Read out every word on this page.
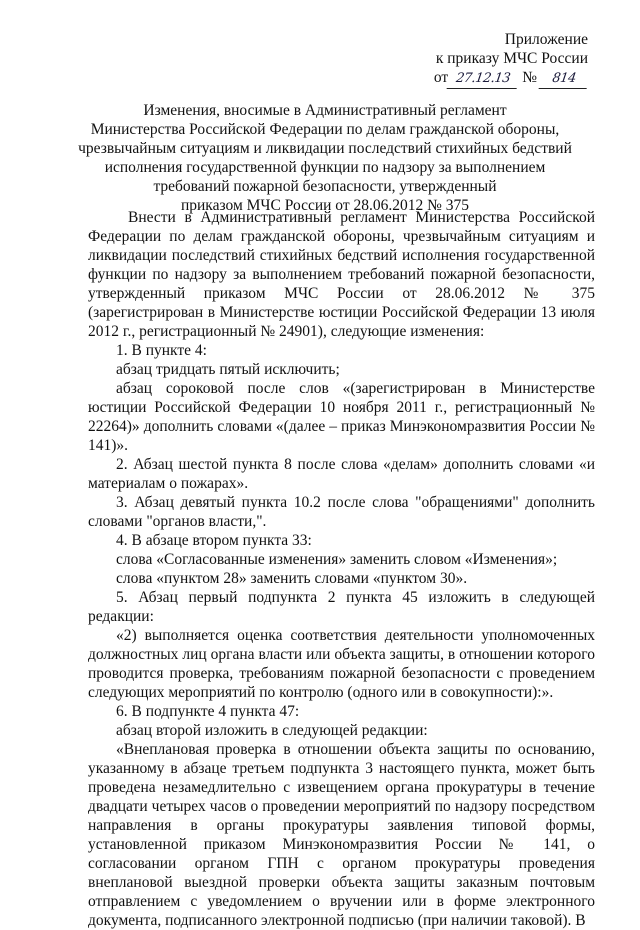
Приложение
к приказу МЧС России
от 27.12.13 №	814
Изменения, вносимые в Административный регламент
Министерства Российской Федерации по делам гражданской обороны,
чрезвычайным ситуациям и ликвидации последствий стихийных бедствий
исполнения государственной функции по надзору за выполнением
требований пожарной безопасности, утвержденный
приказом МЧС России от 28.06.2012 № 375

Внести в Административный регламент Министерства Российской Федерации по делам гражданской обороны, чрезвычайным ситуациям и ликвидации последствий стихийных бедствий исполнения государственной функции по надзору за выполнением требований пожарной безопасности, утвержденный приказом МЧС России от 28.06.2012 № 375 (зарегистрирован в Министерстве юстиции Российской Федерации 13 июля 2012 г., регистрационный № 24901), следующие изменения:

1. В пункте 4:

абзац тридцать пятый исключить;

абзац сороковой после слов «(зарегистрирован в Министерстве юстиции Российской Федерации 10 ноября 2011 г., регистрационный № 22264)» дополнить словами «(далее – приказ Минэкономразвития России № 141)».

2. Абзац шестой пункта 8 после слова «делам» дополнить словами «и материалам о пожарах».

3. Абзац девятый пункта 10.2 после слова "обращениями" дополнить словами "органов власти,".

4. В абзаце втором пункта 33:

слова «Согласованные изменения» заменить словом «Изменения»;

слова «пунктом 28» заменить словами «пунктом 30».

5. Абзац первый подпункта 2 пункта 45 изложить в следующей редакции:

«2) выполняется оценка соответствия деятельности уполномоченных должностных лиц органа власти или объекта защиты, в отношении которого проводится проверка, требованиям пожарной безопасности с проведением следующих мероприятий по контролю (одного или в совокупности):».

6. В подпункте 4 пункта 47:

абзац второй изложить в следующей редакции:

«Внеплановая проверка в отношении объекта защиты по основанию, указанному в абзаце третьем подпункта 3 настоящего пункта, может быть проведена незамедлительно с извещением органа прокуратуры в течение двадцати четырех часов о проведении мероприятий по надзору посредством направления в органы прокуратуры заявления типовой формы, установленной приказом Минэкономразвития России № 141, о согласовании органом ГПН с органом прокуратуры проведения внеплановой выездной проверки объекта защиты заказным почтовым отправлением с уведомлением о вручении или в форме электронного документа, подписанного электронной подписью (при наличии таковой). В
